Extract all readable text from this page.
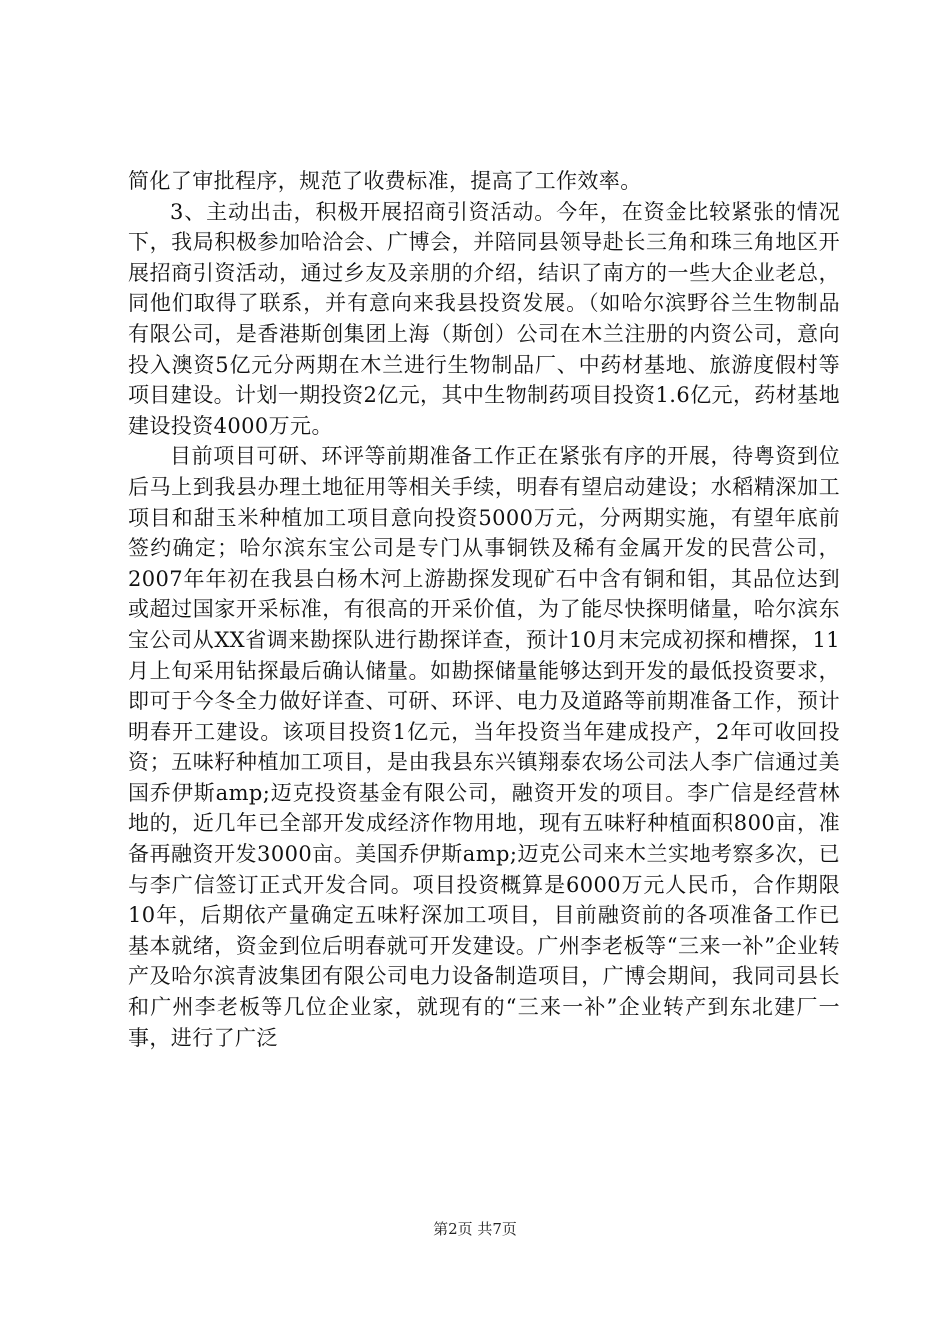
简化了审批程序，规范了收费标准，提高了工作效率。

3、主动出击，积极开展招商引资活动。今年，在资金比较紧张的情况下，我局积极参加哈洽会、广博会，并陪同县领导赴长三角和珠三角地区开展招商引资活动，通过乡友及亲朋的介绍，结识了南方的一些大企业老总，同他们取得了联系，并有意向来我县投资发展。（如哈尔滨野谷兰生物制品有限公司，是香港斯创集团上海（斯创）公司在木兰注册的内资公司，意向投入澳资5亿元分两期在木兰进行生物制品厂、中药材基地、旅游度假村等项目建设。计划一期投资2亿元，其中生物制药项目投资1.6亿元，药材基地建设投资4000万元。

目前项目可研、环评等前期准备工作正在紧张有序的开展，待粤资到位后马上到我县办理土地征用等相关手续，明春有望启动建设；水稻精深加工项目和甜玉米种植加工项目意向投资5000万元，分两期实施，有望年底前签约确定；哈尔滨东宝公司是专门从事铜铁及稀有金属开发的民营公司，2007年年初在我县白杨木河上游勘探发现矿石中含有铜和钼，其品位达到或超过国家开采标准，有很高的开采价值，为了能尽快探明储量，哈尔滨东宝公司从XX省调来勘探队进行勘探详查，预计10月末完成初探和槽探，11月上旬采用钻探最后确认储量。如勘探储量能够达到开发的最低投资要求，即可于今冬全力做好详查、可研、环评、电力及道路等前期准备工作，预计明春开工建设。该项目投资1亿元，当年投资当年建成投产，2年可收回投资；五味籽种植加工项目，是由我县东兴镇翔泰农场公司法人李广信通过美国乔伊斯amp;迈克投资基金有限公司，融资开发的项目。李广信是经营林地的，近几年已全部开发成经济作物用地，现有五味籽种植面积800亩，准备再融资开发3000亩。美国乔伊斯amp;迈克公司来木兰实地考察多次，已与李广信签订正式开发合同。项目投资概算是6000万元人民币，合作期限10年，后期依产量确定五味籽深加工项目，目前融资前的各项准备工作已基本就绪，资金到位后明春就可开发建设。广州李老板等“三来一补”企业转产及哈尔滨青波集团有限公司电力设备制造项目，广博会期间，我同司县长和广州李老板等几位企业家，就现有的“三来一补”企业转产到东北建厂一事，进行了广泛

第2页 共7页
